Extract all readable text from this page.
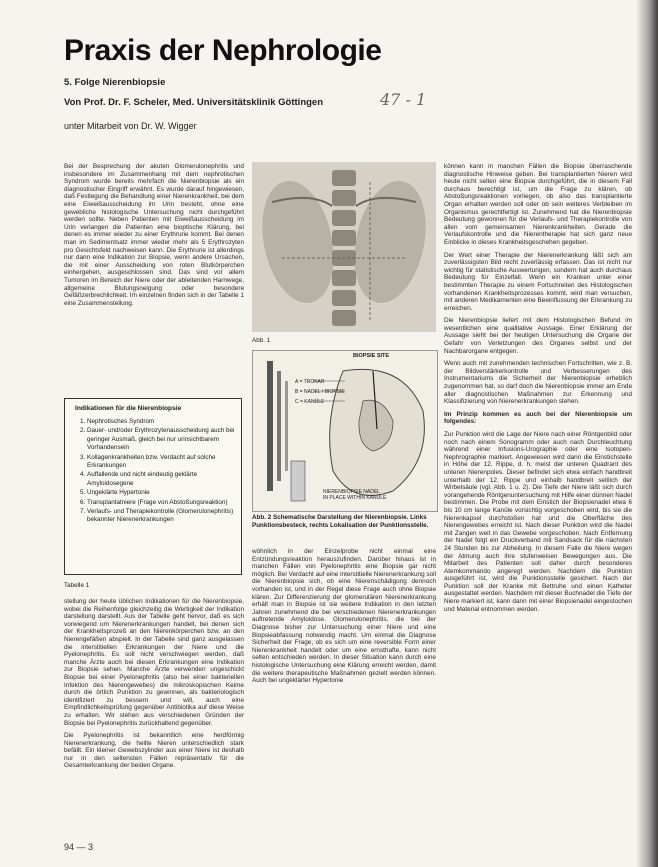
Praxis der Nephrologie
5. Folge Nierenbiopsie
Von Prof. Dr. F. Scheler, Med. Universitätsklinik Göttingen	47 - 1
unter Mitarbeit von Dr. W. Wigger

Bei der Besprechung der akuten Glomerulonephritis und insbesondere im Zusammenhang mit dem nephrotischen Syndrom wurde bereits mehrfach die Nierenbiopsie als ein diagnostischer Eingriff erwähnt. Es wurde darauf hingewiesen, daß Festlegung die Behandlung einer Nierenkrankheit, bei dem eine Eiweißausscheidung im Urin besteht, ohne eine gewebliche histologische Untersuchung nicht durchgeführt werden sollte. Neben Patienten mit Eiweißausscheidung im Urin verlangen die Patienten eine bioptische Klärung, bei denen es immer wieder zu einer Erythrurie kommt. Bei denen man im Sedimentsatz immer wieder mehr als 5 Erythrozyten pro Gesichtsfeld nachweisen kann. Die Erythrurie ist allerdings nur dann eine Indikation zur Biopsie, wenn andere Ursachen, die mit einer Ausscheidung von roten Blutkörperchen einhergehen, ausgeschlossen sind. Das sind vor allem Tumoren im Bereich der Niere oder der ableitenden Harnwege, allgemeine Blutungsneigung oder besondere Gefäßzerbrechlichkeit. Im einzelnen finden sich in der Tabelle 1 eine Zusammenstellung.

Indikationen für die Nierenbiopsie
1. Nephrotisches Syndrom
2. Dauer- und/oder Erythrozytenausscheidung auch bei geringer Ausmaß, gleich bei nur urinsichtbarem Vorhandensein
3. Kollagenkrankheiten bzw. Verdacht auf solche Erkrankungen
4. Auffallende und nicht eindeutig geklärte Amyloidosegene
5. Ungeklärte Hypertonie
6. Transplantatniere (Frage von Abstoßungsreaktion)
7. Verlaufs- und Therapiekontrolle (Glomerulonephritis) bekannter Nierenerkrankungen
Tabelle 1

stellung der heute üblichen Indikationen für die Nierenbiopsie, wobei die Reihenfolge gleichzeitig die Wertigkeit der Indikation darstellung darstellt. Aus der Tabelle geht hervor, daß es sich vorwiegend um Nierenerkrankungen handelt, bei denen sich der Krankheitsprozeß an den Nierenkörperchen bzw. an den Nierengefäßen abspielt. In der Tabelle sind ganz ausgelassen die interstitiellen Erkrankungen der Niere und die Pyelonephritis. Es soll nicht verschwiegen werden, daß manche Ärzte auch bei diesen Erkrankungen eine Indikation zur Biopsie sehen. Manche Ärzte verwenden ungeschickt Biopsie bei einer Pyelonephritis (also bei einer bakteriellen Infektion des Nierengewebes) die mikroskopischen Keime durch die örtlich Punktion zu gewinnen, als bakteriologisch identifiziert zu bessern und will, auch eine Empfindlichkeitsprüfung gegenüber Antibiotika auf diese Weise zu erhalten. Wir stehen aus verschiedenen Gründen der Biopsie bei Pyelonephritis zurückhaltend gegenüber.

Die Pyelonephritis ist bekanntlich eine herdförmig Nierenerkrankung, die heilte Nieren unterschiedlich stark befällt. Ein kleiner Gewebszylinder aus einer Niere ist deshalb nur in den seltensten Fällen repräsentativ für die Gesamterkrankung der beiden Organe.

Abb. 1
BIOPSIE SITE
A = TROKAR
B = NADEL / BIOPSIE
C = KANÜLE
NIERENBIOPSIE NADEL
IN PLACE WITHIN KANÜLE
Abb. 2 Schematische Darstellung der Nierenbiopsie. Links Punktionsbesteck, rechts Lokalisation der Punktionsstelle.

wöhnlich in der Einzelprobe nicht einmal eine Entzündungsreaktion herauszufinden. Darüber hinaus ist in manchen Fällen von Pyelonephritis eine Biopsie gar nicht möglich. Bei Verdacht auf eine interstitielle Nierenerkrankung soll die Nierenbiopsie sich, ob eine Nierenschädigung dennoch vorhanden ist, und in der Regel diese Frage auch ohne Biopsie klären. Zur Differenzierung der glomerulären Nierenerkrankung erhält man in Biopsie ist sie weitere Indikation in den letzten Jahren zunehmend die bei verschiedenen Nierenerkrankungen auftretende Amyloidose. Glomerulonephritis, die bei der Diagnose bisher zur Untersuchung einer Niere und eine Biopsieabfassung notwendig macht. Um einmal die Diagnose Sicherheit der Frage, ob es sich um eine reversible Form einer Nierenkrankheit handelt oder um eine ernsthafte, kann nicht selten entschieden werden. In dieser Situation kann durch eine histologische Untersuchung eine Klärung erreicht werden, damit die weitere therapeutische Maßnahmen gezielt werden können. Auch bei ungeklärter Hypertonie

können kann in manchen Fällen die Biopsie überraschende diagnostische Hinweise geben. Bei transplantierten Nieren wird heute nicht selten eine Biopsie durchgeführt, die in diesem Fall durchaus berechtigt ist, um die Frage zu klären, ob Abstoßungsreaktionen vorliegen, ob also das transplantierte Organ erhalten werden soll oder ob sein weiteres Verbleiben im Organismus gerechtfertigt ist. Zunehmend hat die Nierenbiopsie Bedeutung gewonnen für die Verlaufs- und Therapiekontrolle von allen vom gemeinsamen Nierenkrankheiten. Gerade die Verlaufskontrolle und die Nierentherapie hat sich ganz neue Einblicke in dieses Krankheitsgeschehen gegeben.

Der Wert einer Therapie der Nierenerkrankung läßt sich am zuverlässigsten Bild recht zuverlässig erfassen. Das ist nicht nur wichtig für statistische Auswertungen, sondern hat auch durchaus Bedeutung für Einzelfall. Wenn ein Kranken unter einer bestimmten Therapie zu einem Fortschreiten des Histologischen vorhandenen Krankheitsprozesses kommt, wird man versuchen, mit anderen Medikamenten eine Beeinflussung der Erkrankung zu erreichen.

Die Nierenbiopsie liefert mit dem Histologischen Befund im wesentlichen eine qualitative Aussage. Einer Erklärung der Aussage sieht bei der heutigen Untersuchung die Organe der Gefahr von Verletzungen des Organes selbst und der Nachbarorgane entgegen.

Wenn auch mit zunehmenden technischen Fortschritten, wie z. B. der Bildverstärkerkontrolle und Verbesserungen des Instrumentariums die Sicherheit der Nierenbiopsie erheblich zugenommen hat, so darf doch die Nierenbiopsie immer am Ende aller diagnostischen Maßnahmen zur Erkennung und Klassifizierung von Nierenerkrankungen stehen.

Im Prinzip kommen es auch bei der Nierenbiopsie um folgendes:

Zur Punktion wird die Lage der Niere nach einer Röntgenbild oder noch nach einem Sonogramm oder auch nach Durchleuchtung während einer Infusions-Urographie oder eine Isotopen-Nephrographie markiert. Angewiesen wird dann die Einstichstelle in Höhe der 12. Rippe, d. h. meist der unteren Quadrant des unteren Nierenpoles. Dieser befindet sich etwa einfach handbreit unterhalb der 12. Rippe und einhalb handbreit seitlich der Wirbelsäule (vgl. Abb. 1 u. 2). Die Tiefe der Niere läßt sich durch vorangehende Röntgenuntersuchung mit Hilfe einer dünnen Nadel bestimmen. Die Probe mit dem Einstich der Biopsienadel etwa 6 bis 10 cm lange Kanüle vorsichtig vorgeschoben wird, bis sie die Nierenkapsel durchstoßen hat und die Oberfläche des Nierengewebes erreicht ist. Nach dieser Punktion wird die Nadel mit Zangen weit in das Gewebe vorgeschoben. Nach Entfernung der Nadel folgt ein Druckverband mit Sandsack für die nächsten 24 Stunden bis zur Abheilung. In diesem Falle die Niere wegen der Atmung auch ihre stufenweisen Bewegungen aus. Die Mitarbeit des Patienten soll daher durch besonderes Atemkommando angeregt werden. Nachdem die Punktion ausgeführt ist, wird die Punktionsstelle gesichert. Nach der Punktion soll der Kranke mit Bettruhe und einen Katheter ausgestattet werden. Nachdem mit dieser Buchnadel die Tiefe der Niere markiert ist, kann dann mit einer Biopsienadel eingestochen und Material entnommen werden.

94 — 3
